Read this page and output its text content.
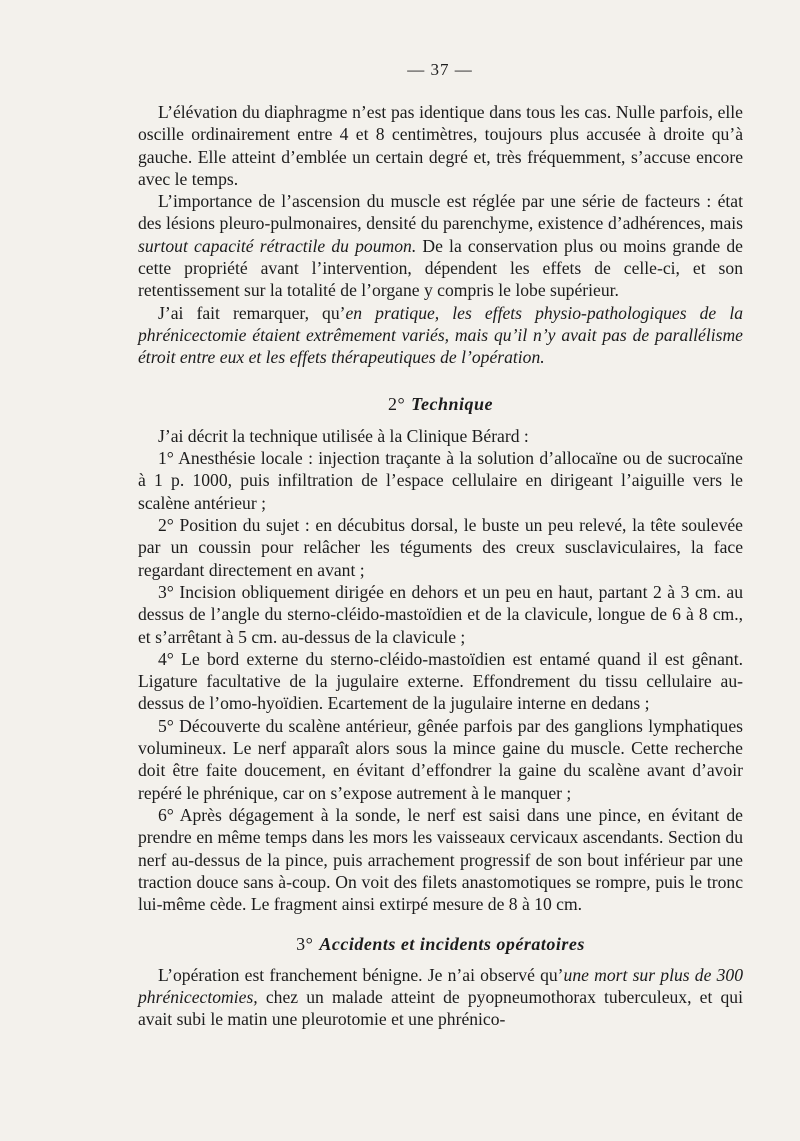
— 37 —

L’élévation du diaphragme n’est pas identique dans tous les cas. Nulle parfois, elle oscille ordinairement entre 4 et 8 centimètres, toujours plus accusée à droite qu’à gauche. Elle atteint d’emblée un certain degré et, très fréquemment, s’accuse encore avec le temps.

L’importance de l’ascension du muscle est réglée par une série de facteurs : état des lésions pleuro-pulmonaires, densité du parenchyme, existence d’adhérences, mais surtout capacité rétractile du poumon. De la conservation plus ou moins grande de cette propriété avant l’intervention, dépendent les effets de celle-ci, et son retentissement sur la totalité de l’organe y compris le lobe supérieur.

J’ai fait remarquer, qu’en pratique, les effets physio-pathologiques de la phrénicectomie étaient extrêmement variés, mais qu’il n’y avait pas de parallélisme étroit entre eux et les effets thérapeutiques de l’opération.

2° Technique

J’ai décrit la technique utilisée à la Clinique Bérard :

1° Anesthésie locale : injection traçante à la solution d’allocaïne ou de sucrocaïne à 1 p. 1000, puis infiltration de l’espace cellulaire en dirigeant l’aiguille vers le scalène antérieur ;

2° Position du sujet : en décubitus dorsal, le buste un peu relevé, la tête soulevée par un coussin pour relâcher les téguments des creux susclaviculaires, la face regardant directement en avant ;

3° Incision obliquement dirigée en dehors et un peu en haut, partant 2 à 3 cm. au dessus de l’angle du sterno-cléido-mastoïdien et de la clavicule, longue de 6 à 8 cm., et s’arrêtant à 5 cm. au-dessus de la clavicule ;

4° Le bord externe du sterno-cléido-mastoïdien est entamé quand il est gênant. Ligature facultative de la jugulaire externe. Effondrement du tissu cellulaire au-dessus de l’omo-hyoïdien. Ecartement de la jugulaire interne en dedans ;

5° Découverte du scalène antérieur, gênée parfois par des ganglions lymphatiques volumineux. Le nerf apparaît alors sous la mince gaine du muscle. Cette recherche doit être faite doucement, en évitant d’effondrer la gaine du scalène avant d’avoir repéré le phrénique, car on s’expose autrement à le manquer ;

6° Après dégagement à la sonde, le nerf est saisi dans une pince, en évitant de prendre en même temps dans les mors les vaisseaux cervicaux ascendants. Section du nerf au-dessus de la pince, puis arrachement progressif de son bout inférieur par une traction douce sans à-coup. On voit des filets anastomotiques se rompre, puis le tronc lui-même cède. Le fragment ainsi extirpé mesure de 8 à 10 cm.

3° Accidents et incidents opératoires

L’opération est franchement bénigne. Je n’ai observé qu’une mort sur plus de 300 phrénicectomies, chez un malade atteint de pyopneumothorax tuberculeux, et qui avait subi le matin une pleurotomie et une phrénico-
